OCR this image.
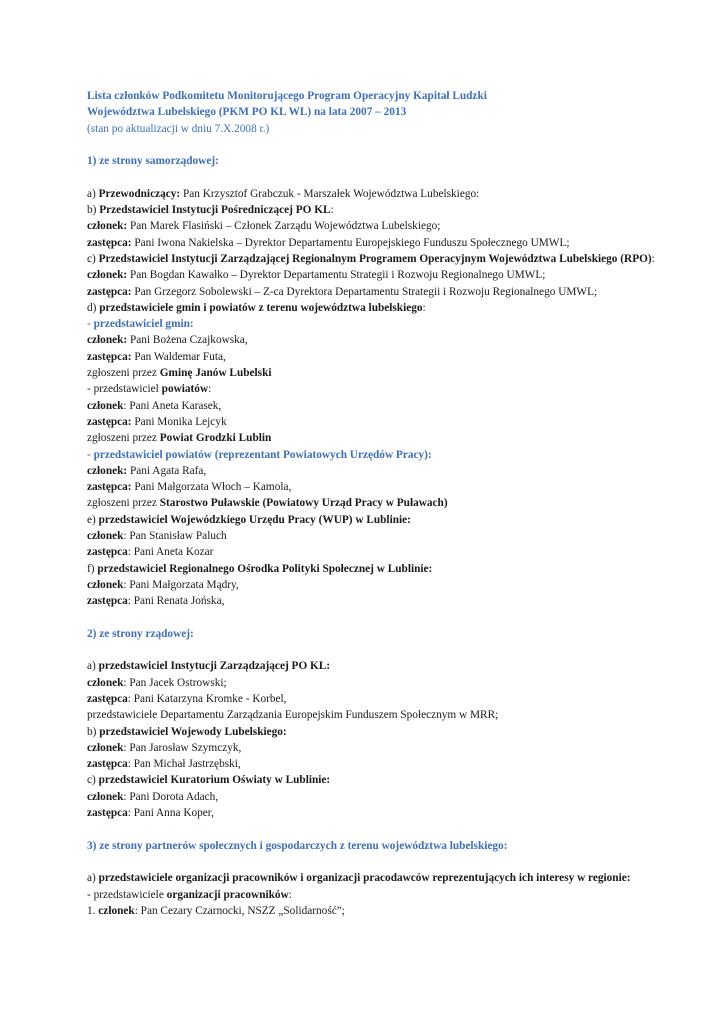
Lista członków Podkomitetu Monitorującego Program Operacyjny Kapitał Ludzki
Województwa Lubelskiego (PKM PO KL WL) na lata 2007 – 2013
(stan po aktualizacji w dniu 7.X.2008 r.)
1) ze strony samorządowej:
a) Przewodniczący: Pan Krzysztof Grabczuk - Marszałek Województwa Lubelskiego:
b) Przedstawiciel Instytucji Pośredniczącej PO KL:
członek: Pan Marek Flasiński – Członek Zarządu Województwa Lubelskiego;
zastępca: Pani Iwona Nakielska – Dyrektor Departamentu Europejskiego Funduszu Społecznego UMWL;
c) Przedstawiciel Instytucji Zarządzającej Regionalnym Programem Operacyjnym Województwa Lubelskiego (RPO):
członek: Pan Bogdan Kawałko – Dyrektor Departamentu Strategii i Rozwoju Regionalnego UMWL;
zastępca: Pan Grzegorz Sobolewski – Z-ca Dyrektora Departamentu Strategii i Rozwoju Regionalnego UMWL;
d) przedstawiciele gmin i powiatów z terenu województwa lubelskiego:
- przedstawiciel gmin:
członek: Pani Bożena Czajkowska,
zastępca: Pan Waldemar Futa,
zgłoszeni przez Gminę Janów Lubelski
- przedstawiciel powiatów:
członek: Pani Aneta Karasek,
zastępca: Pani Monika Lejcyk
zgłoszeni przez Powiat Grodzki Lublin
- przedstawiciel powiatów (reprezentant Powiatowych Urzędów Pracy):
członek: Pani Agata Rafa,
zastępca: Pani Małgorzata Włoch – Kamola,
zgłoszeni przez Starostwo Puławskie (Powiatowy Urząd Pracy w Puławach)
e) przedstawiciel Wojewódzkiego Urzędu Pracy (WUP) w Lublinie:
członek: Pan Stanisław Paluch
zastępca: Pani Aneta Kozar
f) przedstawiciel Regionalnego Ośrodka Polityki Społecznej w Lublinie:
członek: Pani Małgorzata Mądry,
zastępca: Pani Renata Jońska,
2) ze strony rządowej:
a) przedstawiciel Instytucji Zarządzającej PO KL:
członek: Pan Jacek Ostrowski;
zastępca: Pani Katarzyna Kromke - Korbel,
przedstawiciele Departamentu Zarządzania Europejskim Funduszem Społecznym w MRR;
b) przedstawiciel Wojewody Lubelskiego:
członek: Pan Jarosław Szymczyk,
zastępca: Pan Michał Jastrzębski,
c) przedstawiciel Kuratorium Oświaty w Lublinie:
członek: Pani Dorota Adach,
zastępca: Pani Anna Koper,
3) ze strony partnerów społecznych i gospodarczych z terenu województwa lubelskiego:
a) przedstawiciele organizacji pracowników i organizacji pracodawców reprezentujących ich interesy w regionie:
- przedstawiciele organizacji pracowników:
1. członek: Pan Cezary Czarnocki, NSZZ „Solidarność”;
